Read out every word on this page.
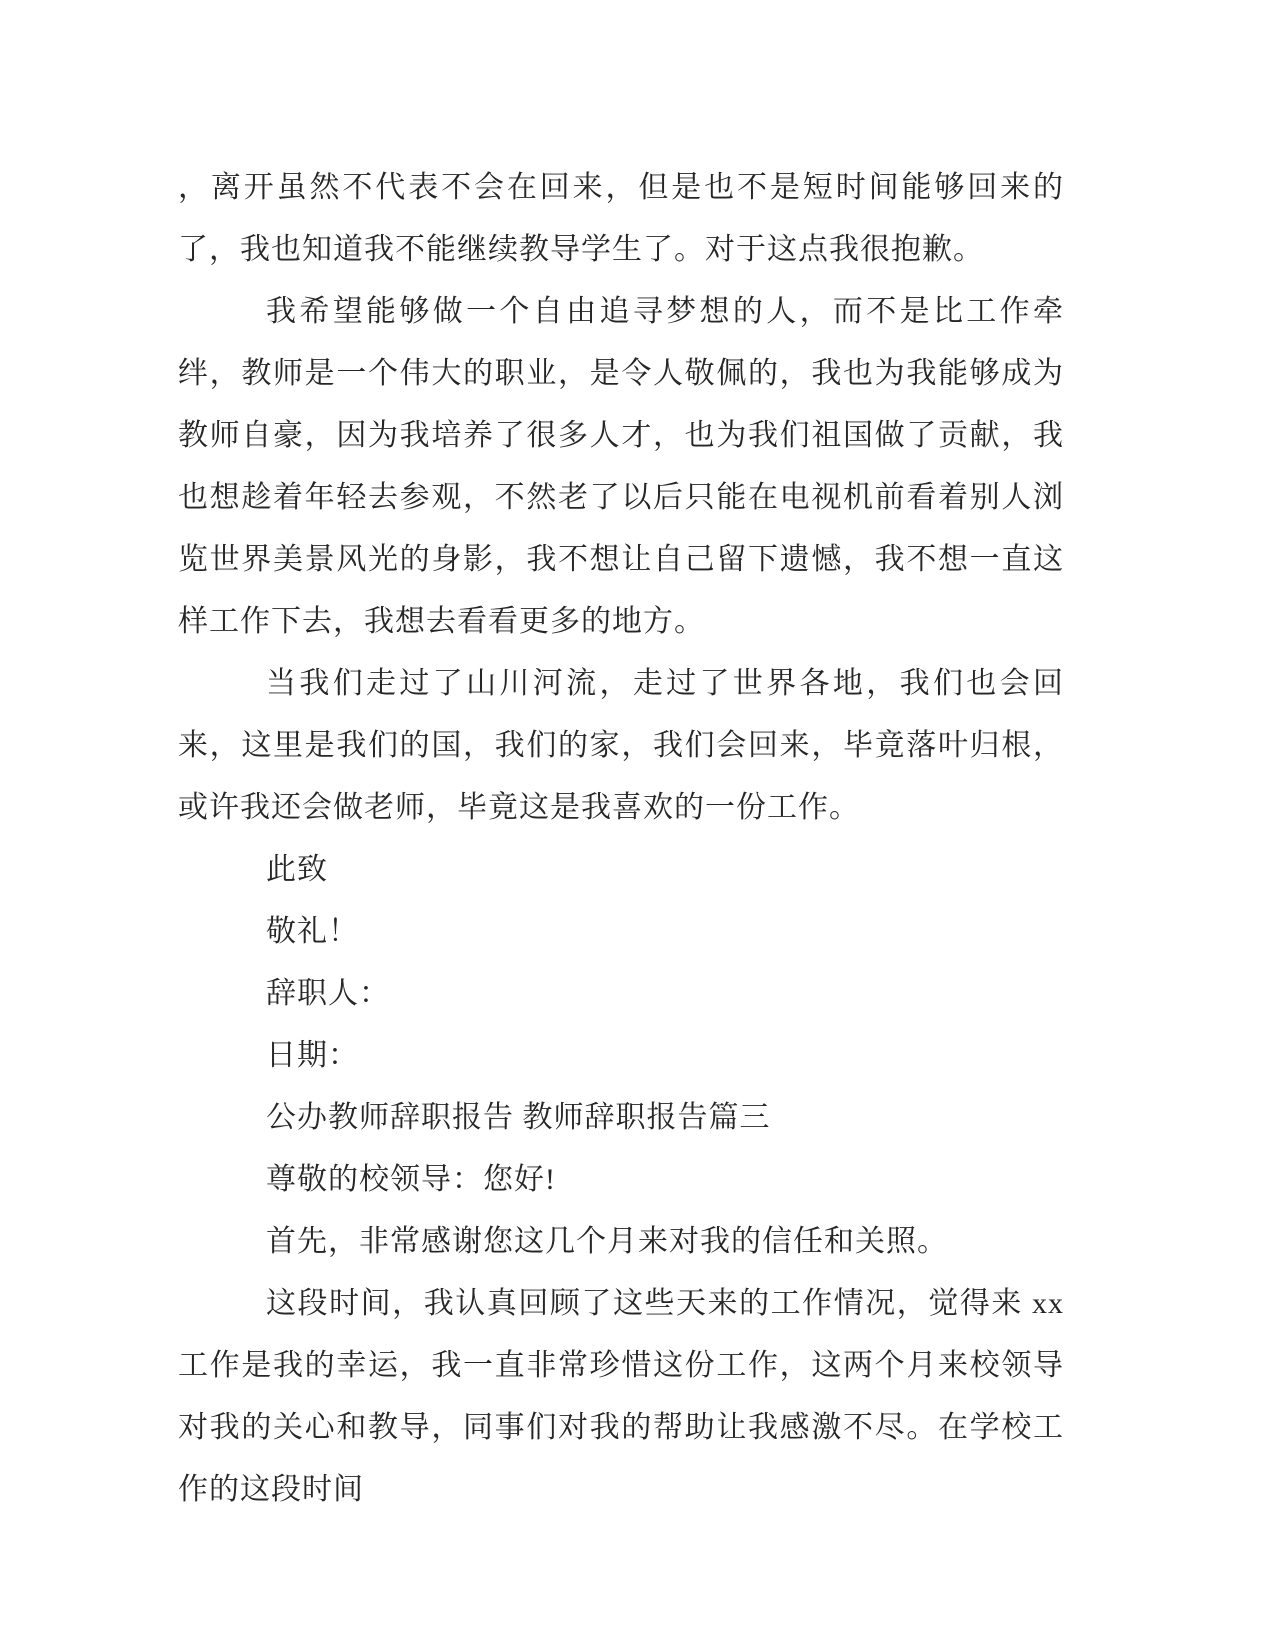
，离开虽然不代表不会在回来，但是也不是短时间能够回来的了，我也知道我不能继续教导学生了。对于这点我很抱歉。

我希望能够做一个自由追寻梦想的人，而不是比工作牵绊，教师是一个伟大的职业，是令人敬佩的，我也为我能够成为教师自豪，因为我培养了很多人才，也为我们祖国做了贡献，我也想趁着年轻去参观，不然老了以后只能在电视机前看着别人浏览世界美景风光的身影，我不想让自己留下遗憾，我不想一直这样工作下去，我想去看看更多的地方。

当我们走过了山川河流，走过了世界各地，我们也会回来，这里是我们的国，我们的家，我们会回来，毕竟落叶归根，或许我还会做老师，毕竟这是我喜欢的一份工作。

此致

敬礼！

辞职人：

日期：

公办教师辞职报告 教师辞职报告篇三

尊敬的校领导：您好!

首先，非常感谢您这几个月来对我的信任和关照。

这段时间，我认真回顾了这些天来的工作情况，觉得来 xx 工作是我的幸运，我一直非常珍惜这份工作，这两个月来校领导对我的关心和教导，同事们对我的帮助让我感激不尽。在学校工作的这段时间
